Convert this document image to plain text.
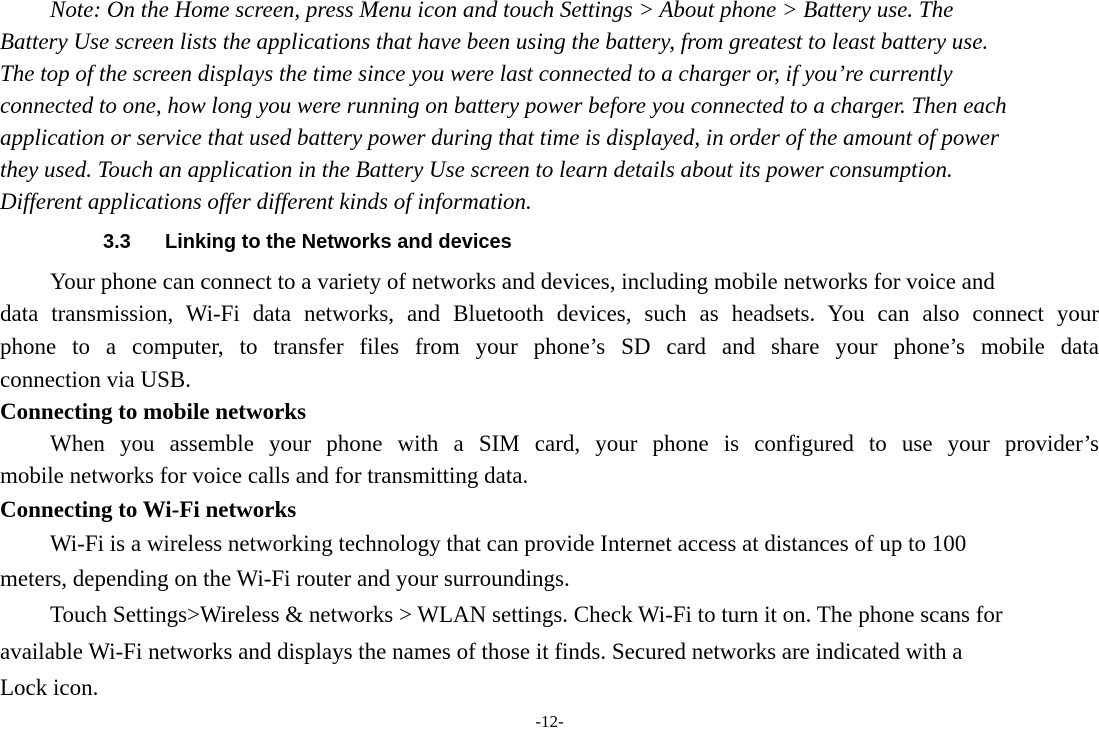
Note: On the Home screen, press Menu icon and touch Settings > About phone > Battery use. The
Battery Use screen lists the applications that have been using the battery, from greatest to least battery use.
The top of the screen displays the time since you were last connected to a charger or, if you’re currently
connected to one, how long you were running on battery power before you connected to a charger. Then each
application or service that used battery power during that time is displayed, in order of the amount of power
they used. Touch an application in the Battery Use screen to learn details about its power consumption.
Different applications offer different kinds of information.
3.3 Linking to the Networks and devices
Your phone can connect to a variety of networks and devices, including mobile networks for voice and
data transmission, Wi-Fi data networks, and Bluetooth devices, such as headsets. You can also connect your
phone to a computer, to transfer files from your phone’s SD card and share your phone’s mobile data
connection via USB.
Connecting to mobile networks
When you assemble your phone with a SIM card, your phone is configured to use your provider’s
mobile networks for voice calls and for transmitting data.
Connecting to Wi-Fi networks
Wi-Fi is a wireless networking technology that can provide Internet access at distances of up to 100
meters, depending on the Wi-Fi router and your surroundings.
Touch Settings>Wireless & networks > WLAN settings. Check Wi-Fi to turn it on. The phone scans for
available Wi-Fi networks and displays the names of those it finds. Secured networks are indicated with a
Lock icon.
-12-
